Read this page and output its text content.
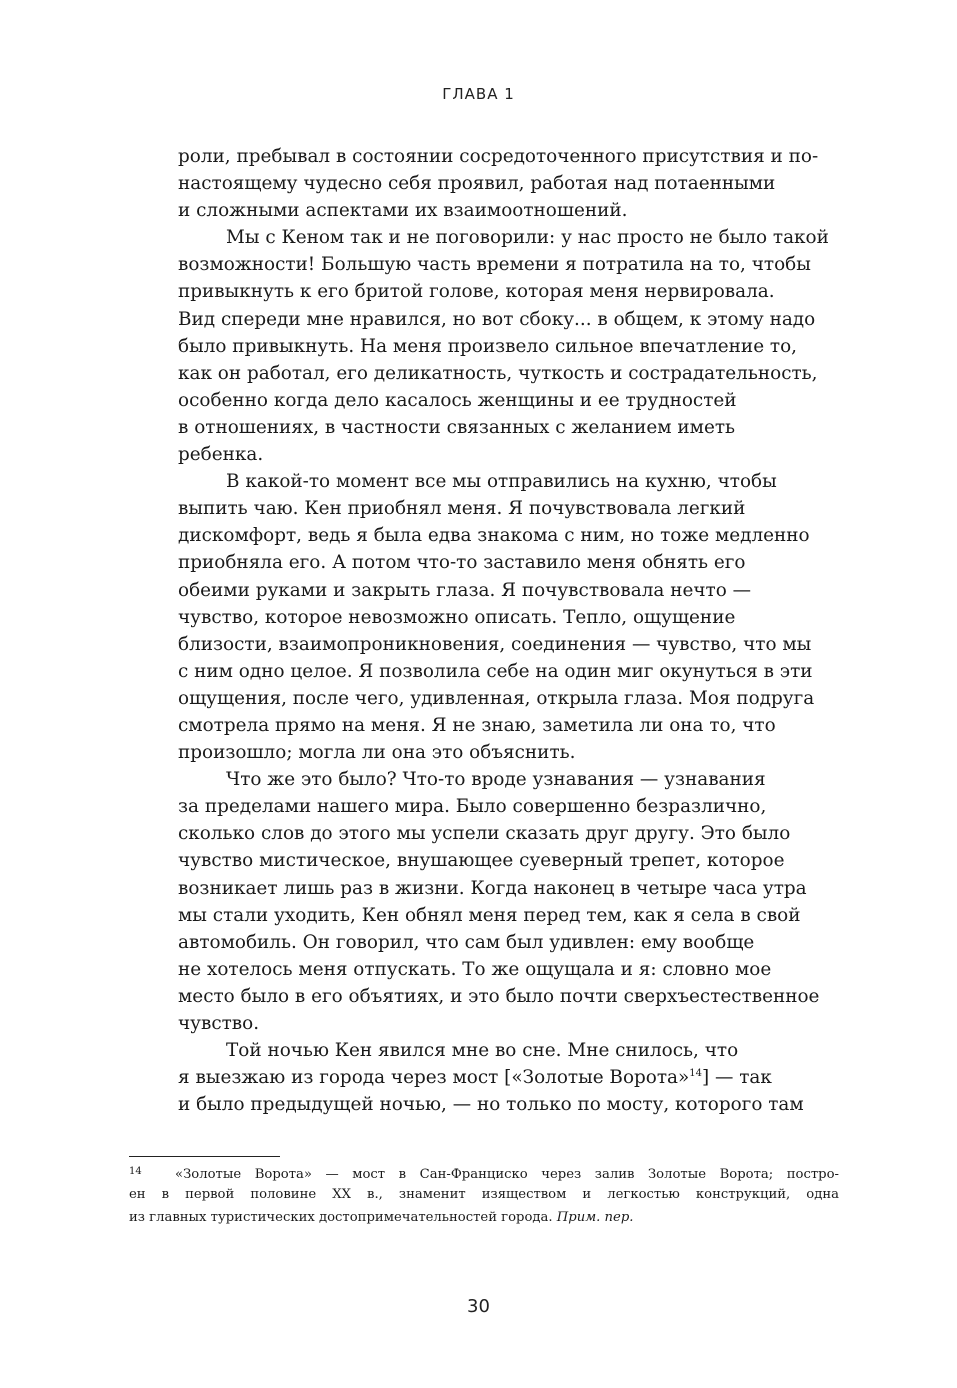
ГЛАВА 1
роли, пребывал в состоянии сосредоточенного присутствия и по-
настоящему чудесно себя проявил, работая над потаенными
и сложными аспектами их взаимоотношений.
Мы с Кеном так и не поговорили: у нас просто не было такой
возможности! Большую часть времени я потратила на то, чтобы
привыкнуть к его бритой голове, которая меня нервировала.
Вид спереди мне нравился, но вот сбоку... в общем, к этому надо
было привыкнуть. На меня произвело сильное впечатление то,
как он работал, его деликатность, чуткость и сострадательность,
особенно когда дело касалось женщины и ее трудностей
в отношениях, в частности связанных с желанием иметь
ребенка.
В какой-то момент все мы отправились на кухню, чтобы
выпить чаю. Кен приобнял меня. Я почувствовала легкий
дискомфорт, ведь я была едва знакома с ним, но тоже медленно
приобняла его. А потом что-то заставило меня обнять его
обеими руками и закрыть глаза. Я почувствовала нечто —
чувство, которое невозможно описать. Тепло, ощущение
близости, взаимопроникновения, соединения — чувство, что мы
с ним одно целое. Я позволила себе на один миг окунуться в эти
ощущения, после чего, удивленная, открыла глаза. Моя подруга
смотрела прямо на меня. Я не знаю, заметила ли она то, что
произошло; могла ли она это объяснить.
Что же это было? Что-то вроде узнавания — узнавания
за пределами нашего мира. Было совершенно безразлично,
сколько слов до этого мы успели сказать друг другу. Это было
чувство мистическое, внушающее суеверный трепет, которое
возникает лишь раз в жизни. Когда наконец в четыре часа утра
мы стали уходить, Кен обнял меня перед тем, как я села в свой
автомобиль. Он говорил, что сам был удивлен: ему вообще
не хотелось меня отпускать. То же ощущала и я: словно мое
место было в его объятиях, и это было почти сверхъестественное
чувство.
Той ночью Кен явился мне во сне. Мне снилось, что
я выезжаю из города через мост [«Золотые Ворота»$^{14}$] — так
и было предыдущей ночью, — но только по мосту, которого там
14	«Золотые Ворота» — мост в Сан-Франциско через залив Золотые Ворота; постро-
ен в первой половине XX в., знаменит изяществом и легкостью конструкций, одна
из главных туристических достопримечательностей города. Прим. пер.
30
